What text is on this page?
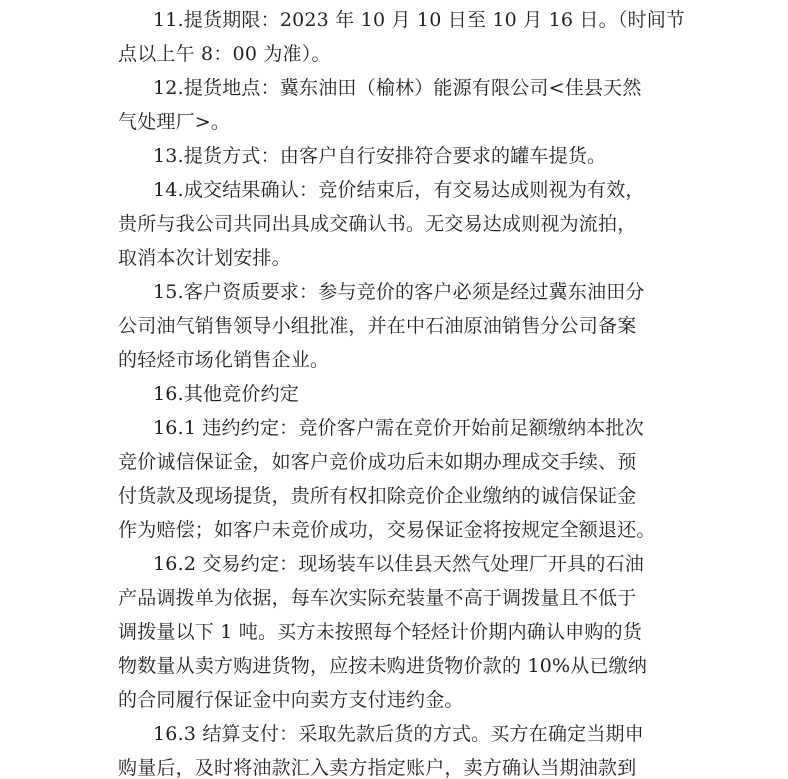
11.提货期限：2023 年 10 月 10 日至 10 月 16 日。（时间节
点以上午 8：00 为准）。
12.提货地点：冀东油田（榆林）能源有限公司<佳县天然
气处理厂>。
13.提货方式：由客户自行安排符合要求的罐车提货。
14.成交结果确认：竞价结束后，有交易达成则视为有效，
贵所与我公司共同出具成交确认书。无交易达成则视为流拍，
取消本次计划安排。
15.客户资质要求：参与竞价的客户必须是经过冀东油田分
公司油气销售领导小组批准，并在中石油原油销售分公司备案
的轻烃市场化销售企业。
16.其他竞价约定
16.1 违约约定：竞价客户需在竞价开始前足额缴纳本批次
竞价诚信保证金，如客户竞价成功后未如期办理成交手续、预
付货款及现场提货，贵所有权扣除竞价企业缴纳的诚信保证金
作为赔偿；如客户未竞价成功，交易保证金将按规定全额退还。
16.2 交易约定：现场装车以佳县天然气处理厂开具的石油
产品调拨单为依据，每车次实际充装量不高于调拨量且不低于
调拨量以下 1 吨。买方未按照每个轻烃计价期内确认申购的货
物数量从卖方购进货物，应按未购进货物价款的 10%从已缴纳
的合同履行保证金中向卖方支付违约金。
16.3 结算支付：采取先款后货的方式。买方在确定当期申
购量后，及时将油款汇入卖方指定账户，卖方确认当期油款到
